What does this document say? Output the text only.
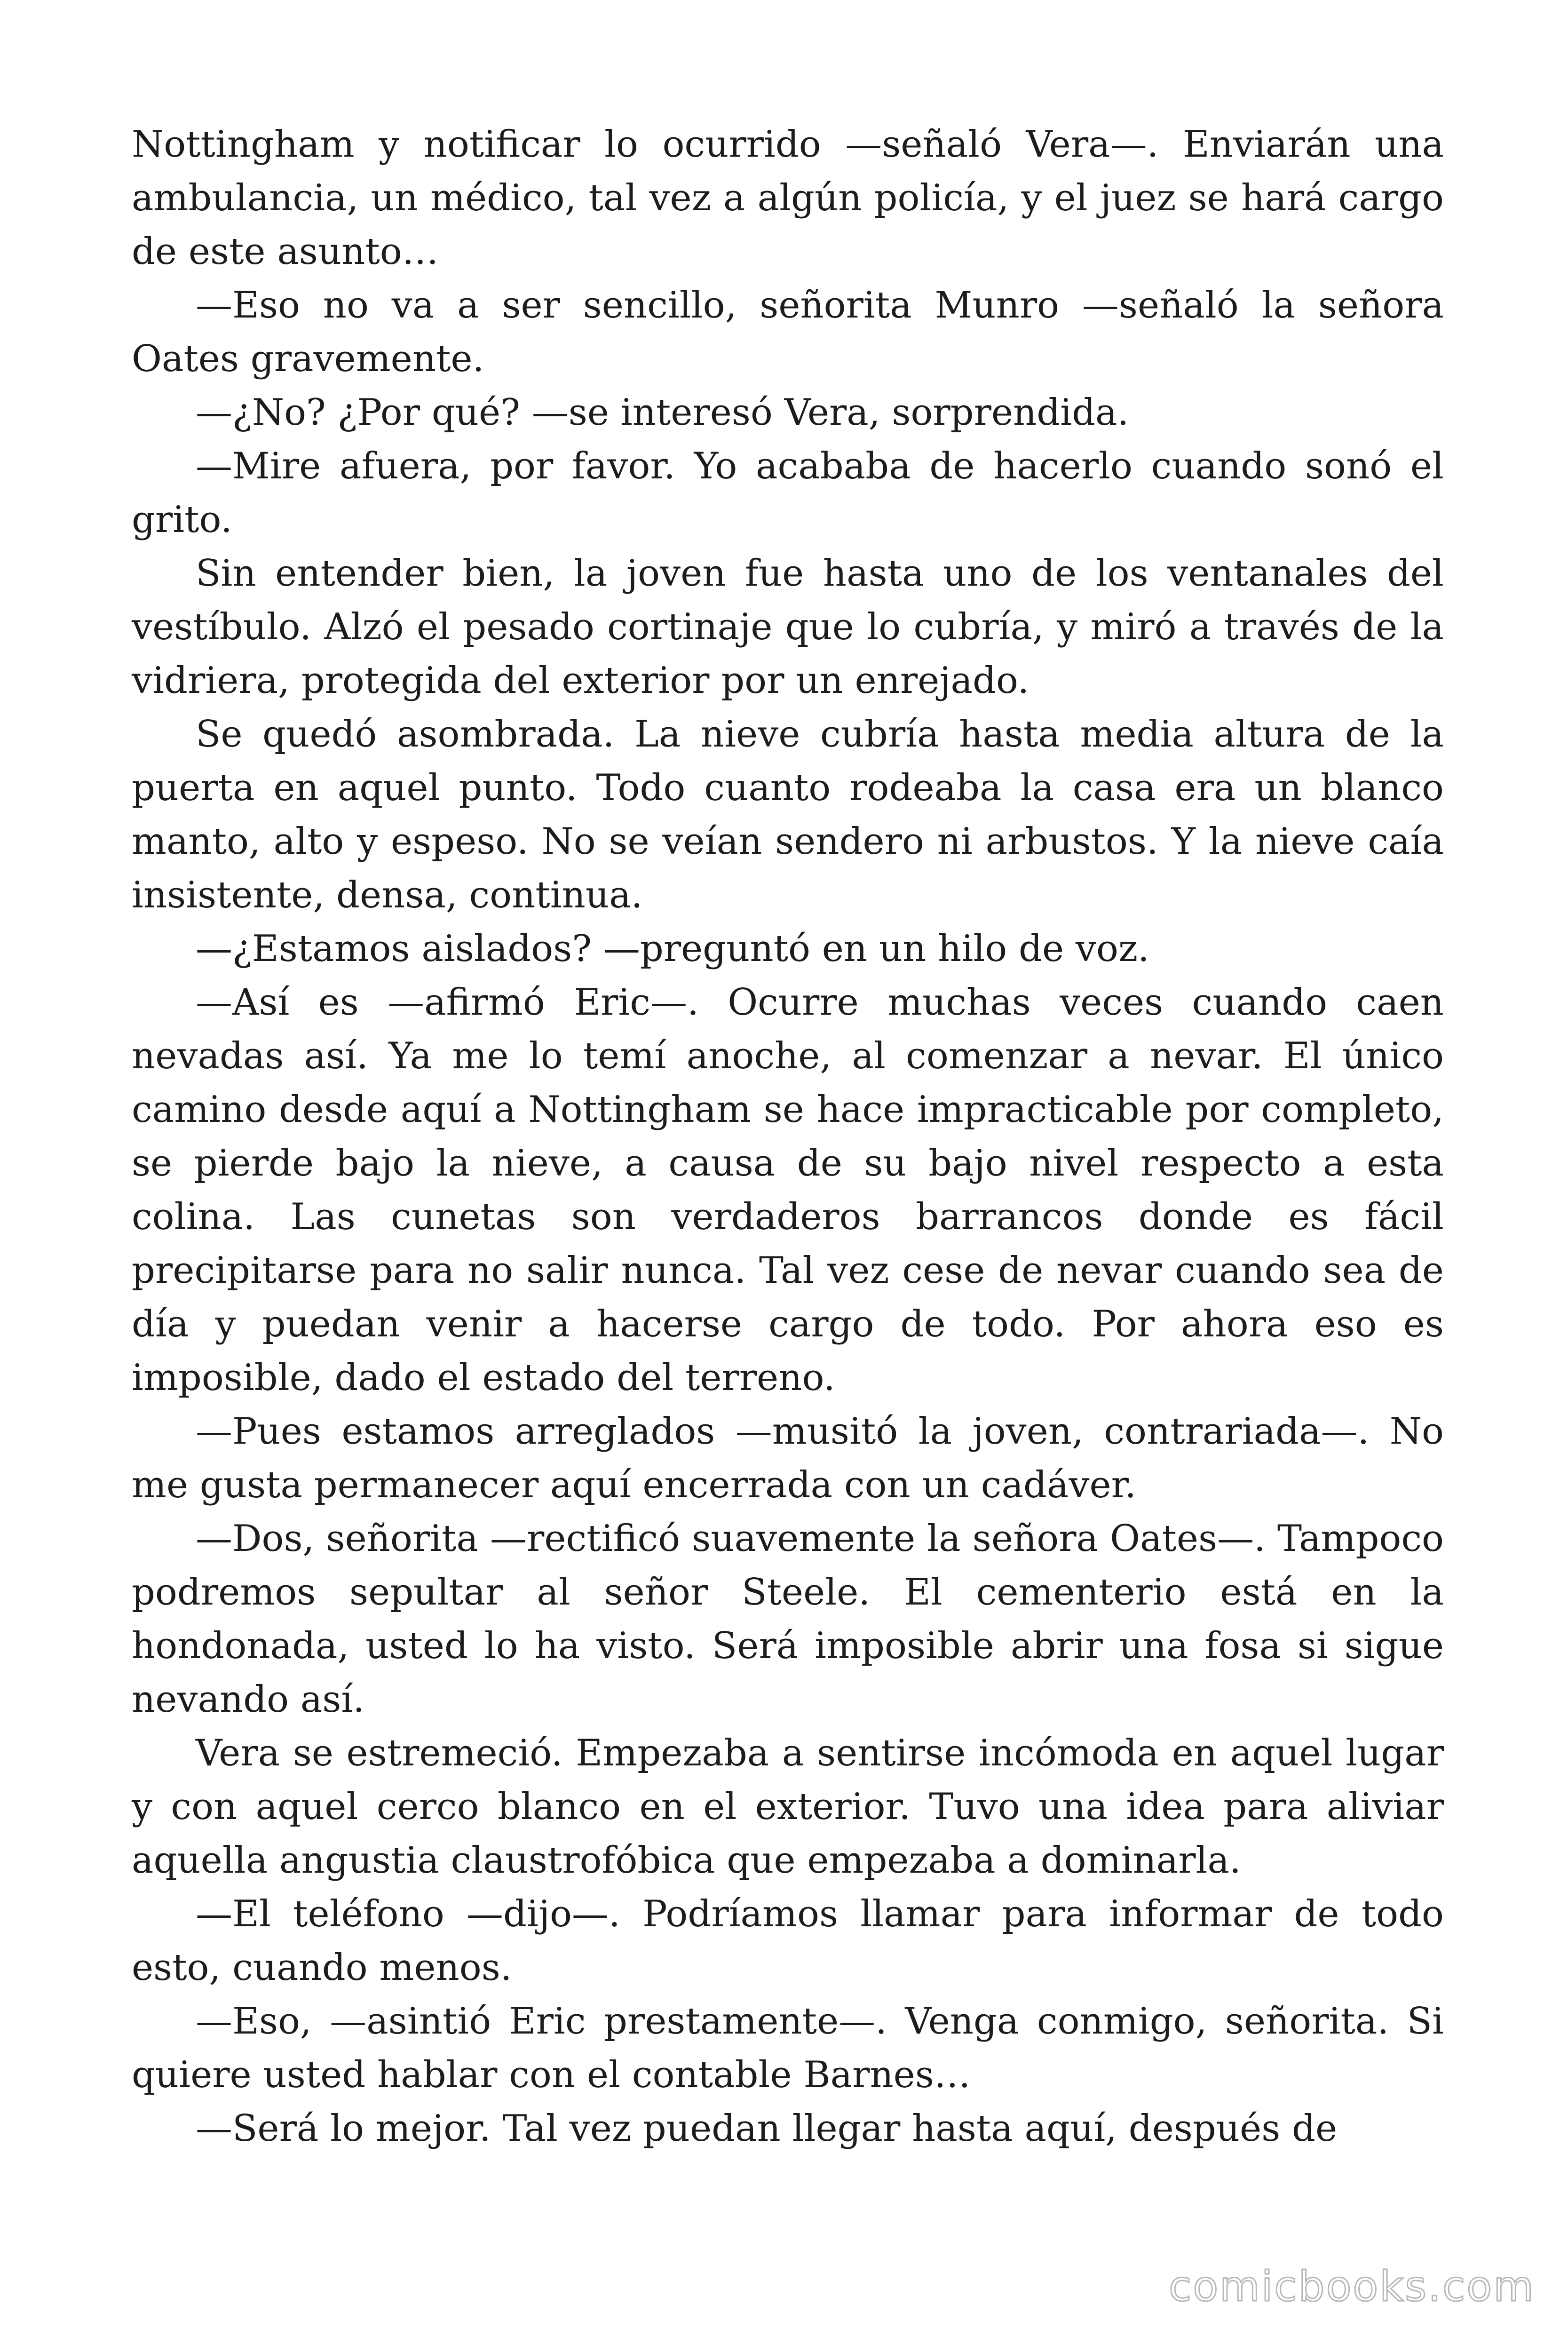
Nottingham y notificar lo ocurrido —señaló Vera—. Enviarán una ambulancia, un médico, tal vez a algún policía, y el juez se hará cargo de este asunto…

—Eso no va a ser sencillo, señorita Munro —señaló la señora Oates gravemente.

—¿No? ¿Por qué? —se interesó Vera, sorprendida.

—Mire afuera, por favor. Yo acababa de hacerlo cuando sonó el grito.

Sin entender bien, la joven fue hasta uno de los ventanales del vestíbulo. Alzó el pesado cortinaje que lo cubría, y miró a través de la vidriera, protegida del exterior por un enrejado.

Se quedó asombrada. La nieve cubría hasta media altura de la puerta en aquel punto. Todo cuanto rodeaba la casa era un blanco manto, alto y espeso. No se veían sendero ni arbustos. Y la nieve caía insistente, densa, continua.

—¿Estamos aislados? —preguntó en un hilo de voz.

—Así es —afirmó Eric—. Ocurre muchas veces cuando caen nevadas así. Ya me lo temí anoche, al comenzar a nevar. El único camino desde aquí a Nottingham se hace impracticable por completo, se pierde bajo la nieve, a causa de su bajo nivel respecto a esta colina. Las cunetas son verdaderos barrancos donde es fácil precipitarse para no salir nunca. Tal vez cese de nevar cuando sea de día y puedan venir a hacerse cargo de todo. Por ahora eso es imposible, dado el estado del terreno.

—Pues estamos arreglados —musitó la joven, contrariada—. No me gusta permanecer aquí encerrada con un cadáver.

—Dos, señorita —rectificó suavemente la señora Oates—. Tampoco podremos sepultar al señor Steele. El cementerio está en la hondonada, usted lo ha visto. Será imposible abrir una fosa si sigue nevando así.

Vera se estremeció. Empezaba a sentirse incómoda en aquel lugar y con aquel cerco blanco en el exterior. Tuvo una idea para aliviar aquella angustia claustrofóbica que empezaba a dominarla.

—El teléfono —dijo—. Podríamos llamar para informar de todo esto, cuando menos.

—Eso, —asintió Eric prestamente—. Venga conmigo, señorita. Si quiere usted hablar con el contable Barnes…

—Será lo mejor. Tal vez puedan llegar hasta aquí, después de

comicbooks.com
